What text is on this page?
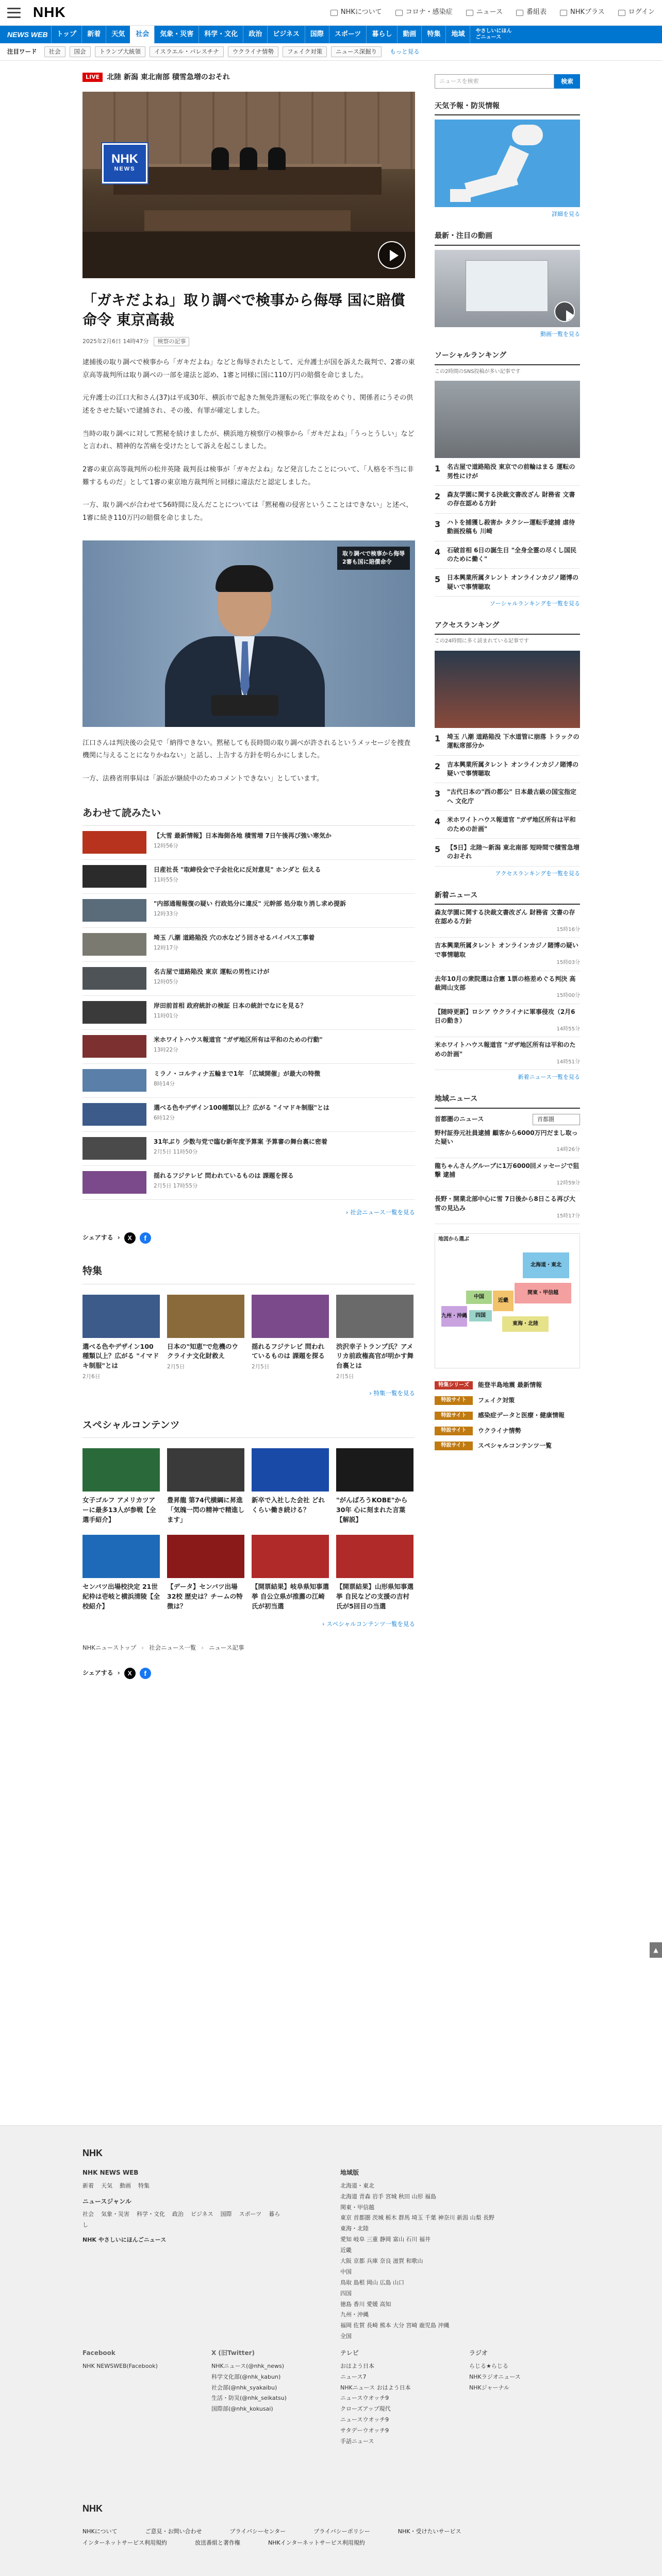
NHK	NHKについて	コロナ・感染症	ニュース	番組表	NHKプラス	ログイン
NEWS WEB	トップ	新着	天気	社会	気象・災害	科学・文化	政治	ビジネス	国際	スポーツ	暮らし	動画	特集	地域	やさしいにほんごニュース
注目ワード	社会	国会	トランプ大統領	イスラエル・パレスチナ	ウクライナ情勢	フェイク対策	ニュース深掘り	もっと見る
LIVE	北陸 新潟 東北南部 積雪急増のおそれ
NHK
NEWS
「ガキだよね」取り調べで検事から侮辱 国に賠償命令 東京高裁
2025年2月6日 14時47分	検察の記事

逮捕後の取り調べで検事から「ガキだよね」などと侮辱されたとして、元弁護士が国を訴えた裁判で、2審の東京高等裁判所は取り調べの一部を違法と認め、1審と同様に国に110万円の賠償を命じました。

元弁護士の江口大和さん(37)は平成30年、横浜市で起きた無免許運転の死亡事故をめぐり、関係者にうその供述をさせた疑いで逮捕され、その後、有罪が確定しました。

当時の取り調べに対して黙秘を続けましたが、横浜地方検察庁の検事から「ガキだよね」「うっとうしい」などと言われ、精神的な苦痛を受けたとして訴えを起こしました。

2審の東京高等裁判所の松井英隆 裁判長は検事が「ガキだよね」など発言したことについて、「人格を不当に非難するものだ」として1審の東京地方裁判所と同様に違法だと認定しました。

一方、取り調べが合わせて56時間に及んだことについては「黙秘権の侵害というこことはできない」と述べ、1審に続き110万円の賠償を命じました。

取り調べで検事から侮辱
2審も国に賠償命令

江口さんは判決後の会見で「納得できない。黙秘しても長時間の取り調べが許されるというメッセージを捜査機関に与えることになりかねない」と話し、上告する方針を明らかにしました。

一方、法務省刑事局は「訴訟が継続中のためコメントできない」としています。

あわせて読みたい
【大雪 最新情報】日本海側各地 積雪増 7日午後再び強い寒気か
12時56分
日産社長 "取締役会で子会社化に反対意見" ホンダと 伝える
11時55分
"内部通報報復の疑い 行政処分に違反" 元幹部 処分取り消し求め提訴
12時33分
埼玉 八潮 道路陥没 穴の水などう回させるバイパス工事着
12時17分
名古屋で道路陥没 東京 運転の男性にけが
12時05分
岸田前首相 政府統計の検証 日本の統計でなにを見る？
11時01分
米ホワイトハウス報道官 "ガザ地区所有は平和のための行動"
13時22分
ミラノ・コルティナ五輪まで1年 「広域開催」が最大の特徴
8時14分
選べる色やデザイン100種類以上？広がる "イマドキ制服"とは
6時12分
31年ぶり 少数与党で臨む新年度予算案 予算審の舞台裏に密着
2月5日 11時50分
揺れるフジテレビ 問われているものは 課題を探る
2月5日 17時55分
› 社会ニュース一覧を見る
シェアする ›	X	f
特集
選べる色やデザイン100種類以上？広がる "イマドキ制服"とは
2月6日
日本の"知恵"で危機のウクライナ文化財救え
2月5日
揺れるフジテレビ 問われているものは 課題を探る
2月5日
渋沢幸子トランプ氏？アメリカ前政権高官が明かす舞台裏とは
2月5日
› 特集一覧を見る
スペシャルコンテンツ
女子ゴルフ アメリカツアーに最多13人が参戦【全選手紹介】
豊昇龍 第74代横綱に昇進「気魄一閃の精神で精進します」
新卒で入社した会社 どれくらい働き続ける？
"がんばろうKOBE"から30年 心に刻まれた言葉【解説】
センバツ出場校決定 21世紀枠は壱岐と横浜清陵【全校紹介】
【データ】センバツ出場32校 歴史は？チームの特徴は？
【開票結果】岐阜県知事選挙 自公立県が推薦の江崎氏が初当選
【開票結果】山形県知事選挙 自民などの支援の吉村氏が5回目の当選
› スペシャルコンテンツ一覧を見る
NHKニューストップ › 社会ニュース一覧 › ニュース記事
シェアする ›	X	f
ニュースを検索	検索
天気予報・防災情報
詳細を見る
最新・注目の動画
動画一覧を見る
ソーシャルランキング
この2時間のSNS投稿が多い記事です
1 名古屋で道路陥没 東京での前輪はまる 運転の男性にけが
2 森友学園に関する決裁文書改ざん 財務省 文書の存在認める方針
3 ハトを捕獲し殺害か タクシー運転手逮捕 虐待動画投稿も 川崎
4 石破首相 6日の誕生日 "全身全霊の尽くし国民のために働く"
5 日本興業所属タレント オンラインカジノ賭博の疑いで事情聴取
ソーシャルランキングを一覧を見る
アクセスランキング
この24時間に多く読まれている記事です
1 埼玉 八潮 道路陥没 下水道管に崩落 トラックの運転席部分か
2 吉本興業所属タレント オンラインカジノ賭博の疑いで事情聴取
3 "古代日本の"西の都公" 日本最古級の国宝指定へ 文化庁
4 米ホワイトハウス報道官 "ガザ地区所有は平和のための計画"
5 【5日】北陸～新潟 東北南部 短時間で積雪急増のおそれ
アクセスランキングを一覧を見る
新着ニュース
森友学園に関する決裁文書改ざん 財務省 文書の存在認める方針
15時16分
吉本興業所属タレント オンラインカジノ賭博の疑いで事情聴取
15時03分
去年10月の衆院選は合憲 1票の格差めぐる判決 高裁岡山支部
15時00分
【随時更新】ロシア ウクライナに軍事侵攻（2月6日の動き）
14時55分
米ホワイトハウス報道官 "ガザ地区所有は平和のための計画"
14時51分
新着ニュース一覧を見る
地域ニュース
首都圏のニュース	首都圏
野村証券元社員逮捕 顧客から6000万円だまし取った疑い
14時26分
龍ちゃんさんグループに1万6000回メッセージで狙撃 逮捕
12時59分
長野・開業北部中心に雪 7日後から8日こる再び大雪の見込み
15時17分
地図から選ぶ
北海道・東北
中国
近畿
関東・甲信越
九州・沖縄	四国
東海・北陸
特集シリーズ	能登半島地震 最新情報
特設サイト	フェイク対策
特設サイト	感染症データと医療・健康情報
特設サイト	ウクライナ情勢
特設サイト	スペシャルコンテンツ一覧
▲
NHK
NHK NEWS WEB
新着 天気 動画 特集
ニュースジャンル
社会 気象・災害 科学・文化 政治 ビジネス 国際 スポーツ 暮らし
NHK やさしいにほんごニュース
地域版
北海道・東北
北海道 青森 岩手 宮城 秋田 山形 福島
関東・甲信越
東京 首都圏 茨城 栃木 群馬 埼玉 千葉 神奈川 新潟 山梨 長野
東海・北陸
愛知 岐阜 三重 静岡 富山 石川 福井
近畿
大阪 京都 兵庫 奈良 滋賀 和歌山
中国
鳥取 島根 岡山 広島 山口
四国
徳島 香川 愛媛 高知
九州・沖縄
福岡 佐賀 長崎 熊本 大分 宮崎 鹿児島 沖縄
全国
Facebook
NHK NEWSWEB(Facebook)
X (旧Twitter)
NHKニュース(@nhk_news)
科学文化部(@nhk_kabun)
社会部(@nhk_syakaibu)
生活・防災(@nhk_seikatsu)
国際部(@nhk_kokusai)
テレビ
おはよう日本
ニュース7
NHKニュース おはよう日本
ニュースウオッチ9
クローズアップ現代
ニュースウオッチ9
サタデーウオッチ9
手話ニュース
ラジオ
らじる★らじる
NHKラジオニュース
NHKジャーナル
NHK
NHKについて	ご意見・お問い合わせ	プライバシーセンター	プライバシーポリシー	NHK・受けたいサービス
インターネットサービス利用規約	放送番組と著作権	NHKインターネットサービス利用規約
